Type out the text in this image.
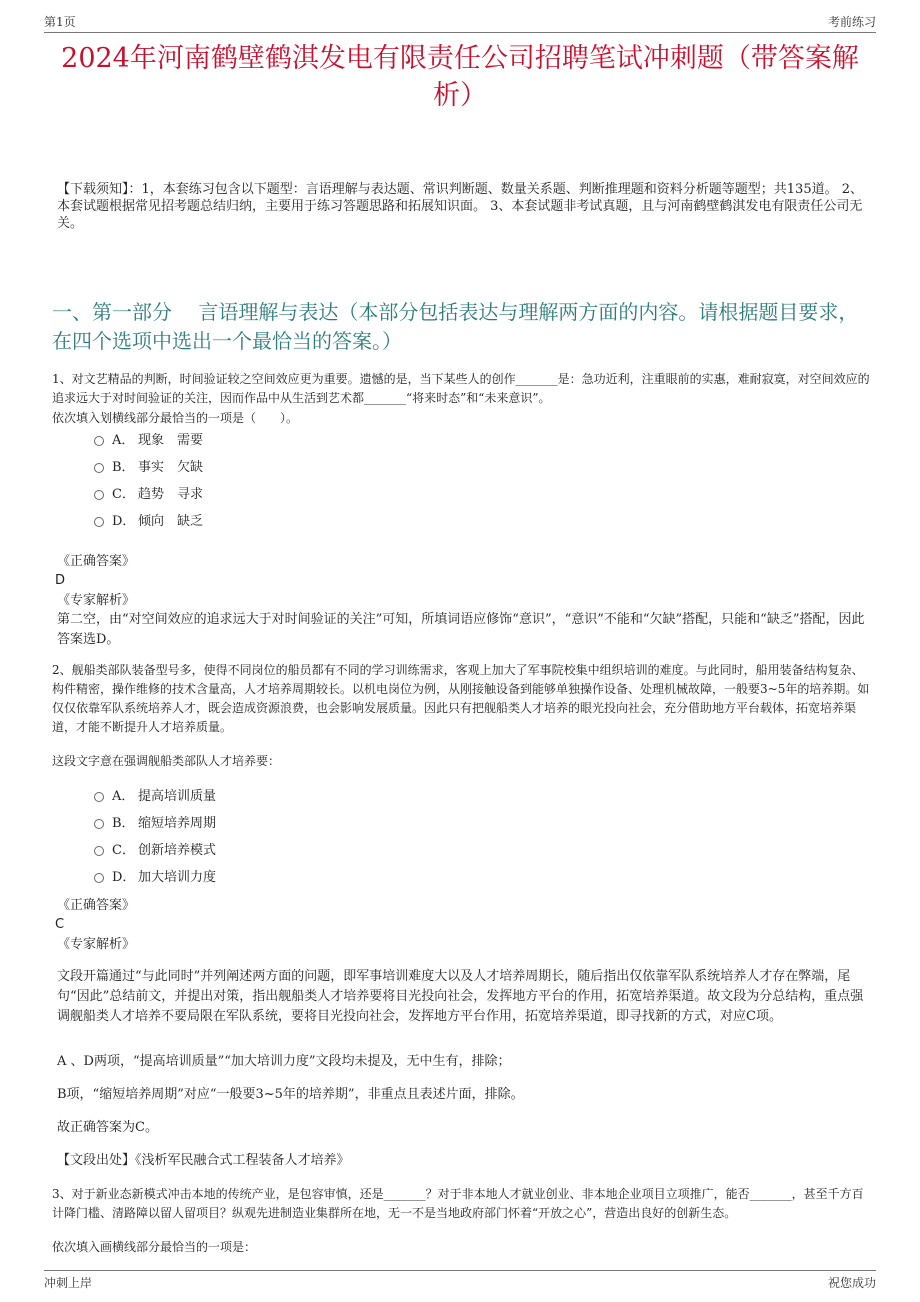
第1页	考前练习
2024年河南鹤壁鹤淇发电有限责任公司招聘笔试冲刺题（带答案解析）
【下载须知】：1，本套练习包含以下题型：言语理解与表达题、常识判断题、数量关系题、判断推理题和资料分析题等题型；共135道。 2、本套试题根据常见招考题总结归纳，主要用于练习答题思路和拓展知识面。 3、本套试题非考试真题，且与河南鹤壁鹤淇发电有限责任公司无关。
一、第一部分　 言语理解与表达（本部分包括表达与理解两方面的内容。请根据题目要求，在四个选项中选出一个最恰当的答案。）
1、对文艺精品的判断，时间验证较之空间效应更为重要。遗憾的是，当下某些人的创作_______是：急功近利，注重眼前的实惠，难耐寂寞，对空间效应的追求远大于对时间验证的关注，因而作品中从生活到艺术都_______“将来时态”和“未来意识”。
依次填入划横线部分最恰当的一项是（　　）。
A． 现象　需要
B． 事实　欠缺
C． 趋势　寻求
D． 倾向　缺乏
《正确答案》
D
《专家解析》
第二空，由“对空间效应的追求远大于对时间验证的关注”可知，所填词语应修饰“意识”，“意识”不能和“欠缺”搭配，只能和“缺乏”搭配，因此答案选D。
2、舰船类部队装备型号多，使得不同岗位的船员都有不同的学习训练需求，客观上加大了军事院校集中组织培训的难度。与此同时，船用装备结构复杂、构件精密，操作维修的技术含量高，人才培养周期较长。以机电岗位为例，从刚接触设备到能够单独操作设备、处理机械故障，一般要3~5年的培养期。如仅仅依靠军队系统培养人才，既会造成资源浪费，也会影响发展质量。因此只有把舰船类人才培养的眼光投向社会，充分借助地方平台载体，拓宽培养渠道，才能不断提升人才培养质量。
这段文字意在强调舰船类部队人才培养要：
A． 提高培训质量
B． 缩短培养周期
C． 创新培养模式
D． 加大培训力度
《正确答案》
C
《专家解析》
文段开篇通过“与此同时”并列阐述两方面的问题，即军事培训难度大以及人才培养周期长，随后指出仅依靠军队系统培养人才存在弊端，尾句“因此”总结前文，并提出对策，指出舰船类人才培养要将目光投向社会，发挥地方平台的作用，拓宽培养渠道。故文段为分总结构，重点强调舰船类人才培养不要局限在军队系统，要将目光投向社会，发挥地方平台作用，拓宽培养渠道，即寻找新的方式，对应C项。
A 、D两项，“提高培训质量”“加大培训力度”文段均未提及，无中生有，排除；
B项，“缩短培养周期”对应“一般要3~5年的培养期”，非重点且表述片面，排除。
故正确答案为C。
【文段出处】《浅析军民融合式工程装备人才培养》
3、对于新业态新模式冲击本地的传统产业，是包容审慎，还是_______？对于非本地人才就业创业、非本地企业项目立项推广，能否_______，甚至千方百计降门槛、清路障以留人留项目？纵观先进制造业集群所在地，无一不是当地政府部门怀着“开放之心”，营造出良好的创新生态。
依次填入画横线部分最恰当的一项是：
冲刺上岸	祝您成功
